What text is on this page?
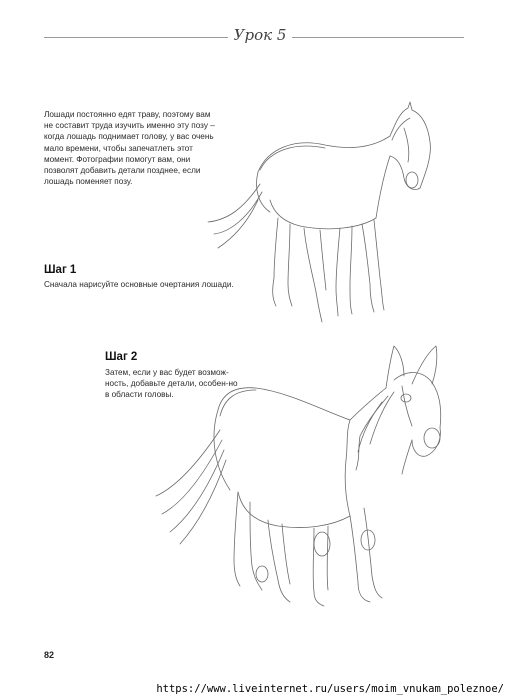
Урок 5
Лошади постоянно едят траву, поэтому вам не составит труда изучить именно эту позу – когда лошадь поднимает голову, у вас очень мало времени, чтобы запечатлеть этот момент. Фотографии помогут вам, они позволят добавить детали позднее, если лошадь поменяет позу.
Шаг 1
Сначала нарисуйте основные очертания лошади.
Шаг 2
Затем, если у вас будет возмож-ность, добавьте детали, особен-но в области головы.
82
https://www.liveinternet.ru/users/moim_vnukam_poleznoe/
